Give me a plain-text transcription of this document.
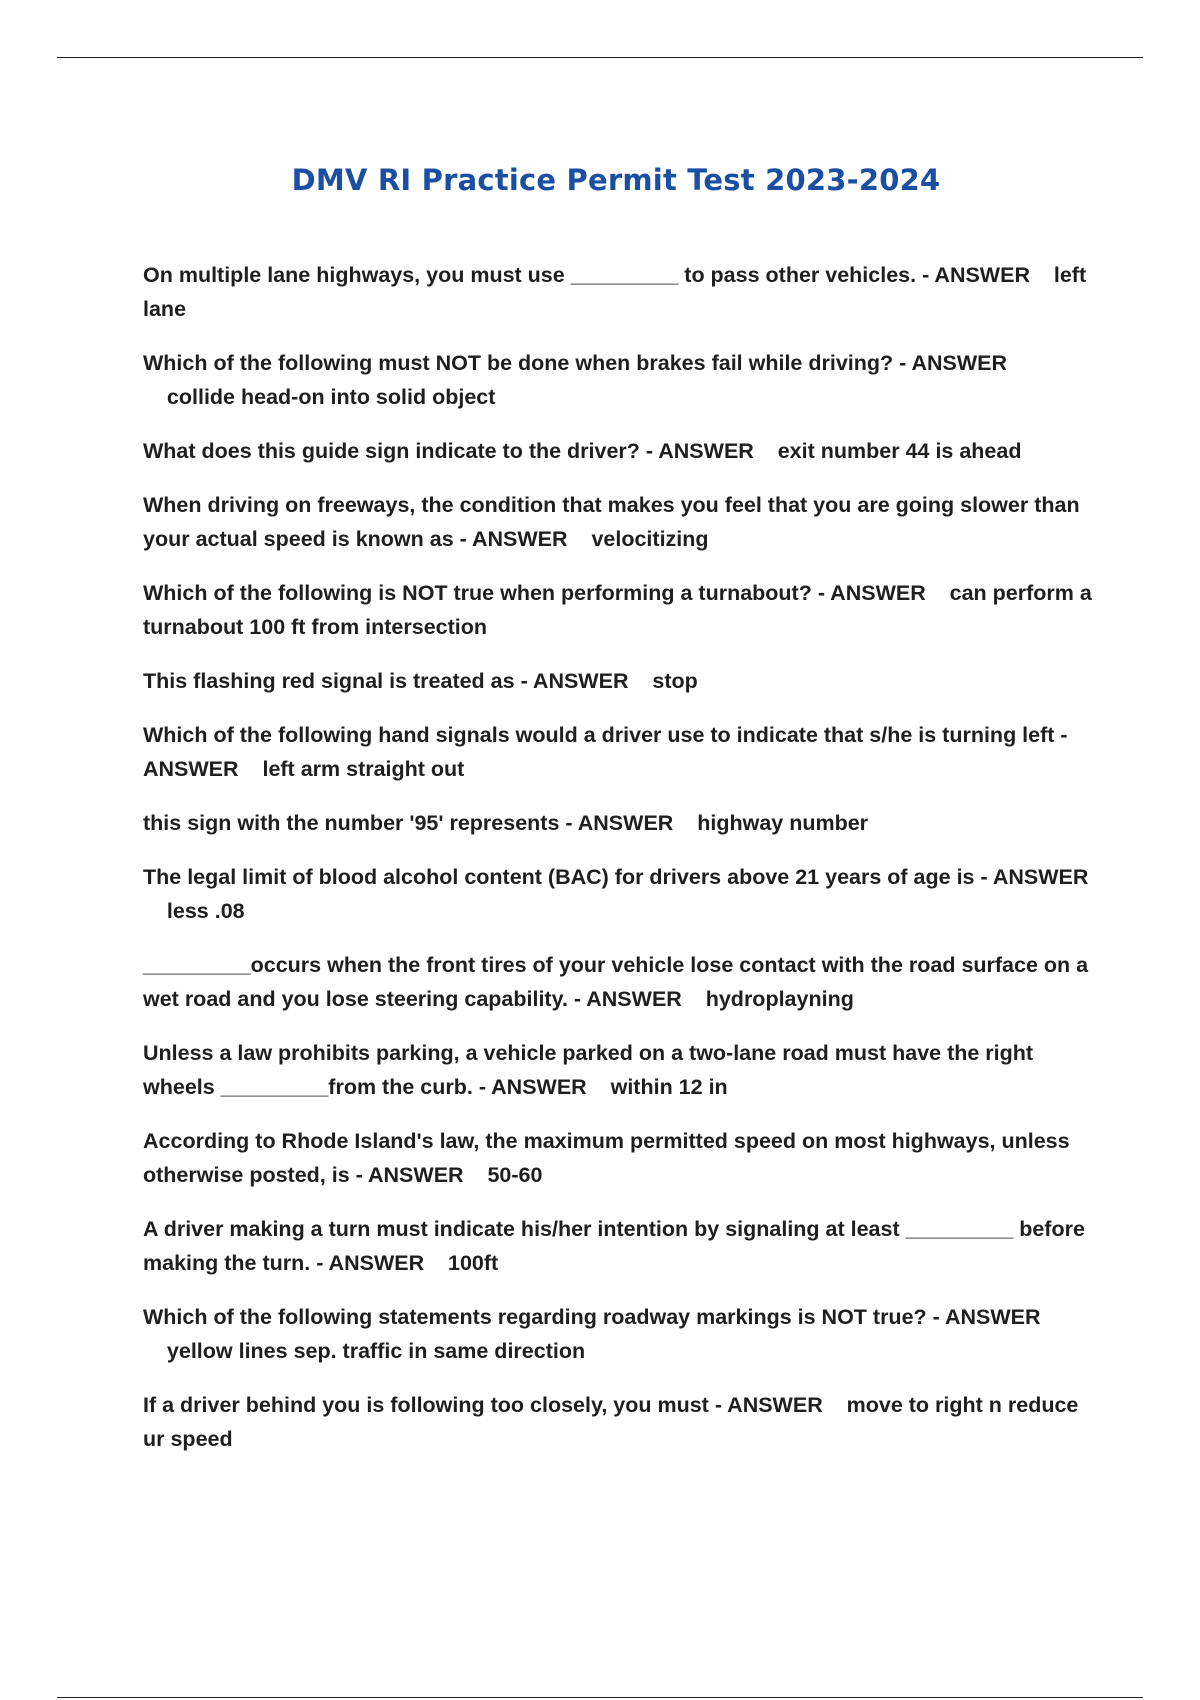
DMV RI Practice Permit Test 2023-2024
On multiple lane highways, you must use _________ to pass other vehicles. - ANSWER left lane
Which of the following must NOT be done when brakes fail while driving? - ANSWER    collide head-on into solid object
What does this guide sign indicate to the driver? - ANSWER exit number 44 is ahead
When driving on freeways, the condition that makes you feel that you are going slower than your actual speed is known as - ANSWER velocitizing
Which of the following is NOT true when performing a turnabout? - ANSWER can perform a turnabout 100 ft from intersection
This flashing red signal is treated as - ANSWER stop
Which of the following hand signals would a driver use to indicate that s/he is turning left - ANSWER left arm straight out
this sign with the number '95' represents - ANSWER highway number
The legal limit of blood alcohol content (BAC) for drivers above 21 years of age is - ANSWER    less .08
_________occurs when the front tires of your vehicle lose contact with the road surface on a wet road and you lose steering capability. - ANSWER hydroplayning
Unless a law prohibits parking, a vehicle parked on a two-lane road must have the right wheels _________from the curb. - ANSWER within 12 in
According to Rhode Island's law, the maximum permitted speed on most highways, unless otherwise posted, is - ANSWER 50-60
A driver making a turn must indicate his/her intention by signaling at least _________ before making the turn. - ANSWER 100ft
Which of the following statements regarding roadway markings is NOT true? - ANSWER    yellow lines sep. traffic in same direction
If a driver behind you is following too closely, you must - ANSWER move to right n reduce ur speed
